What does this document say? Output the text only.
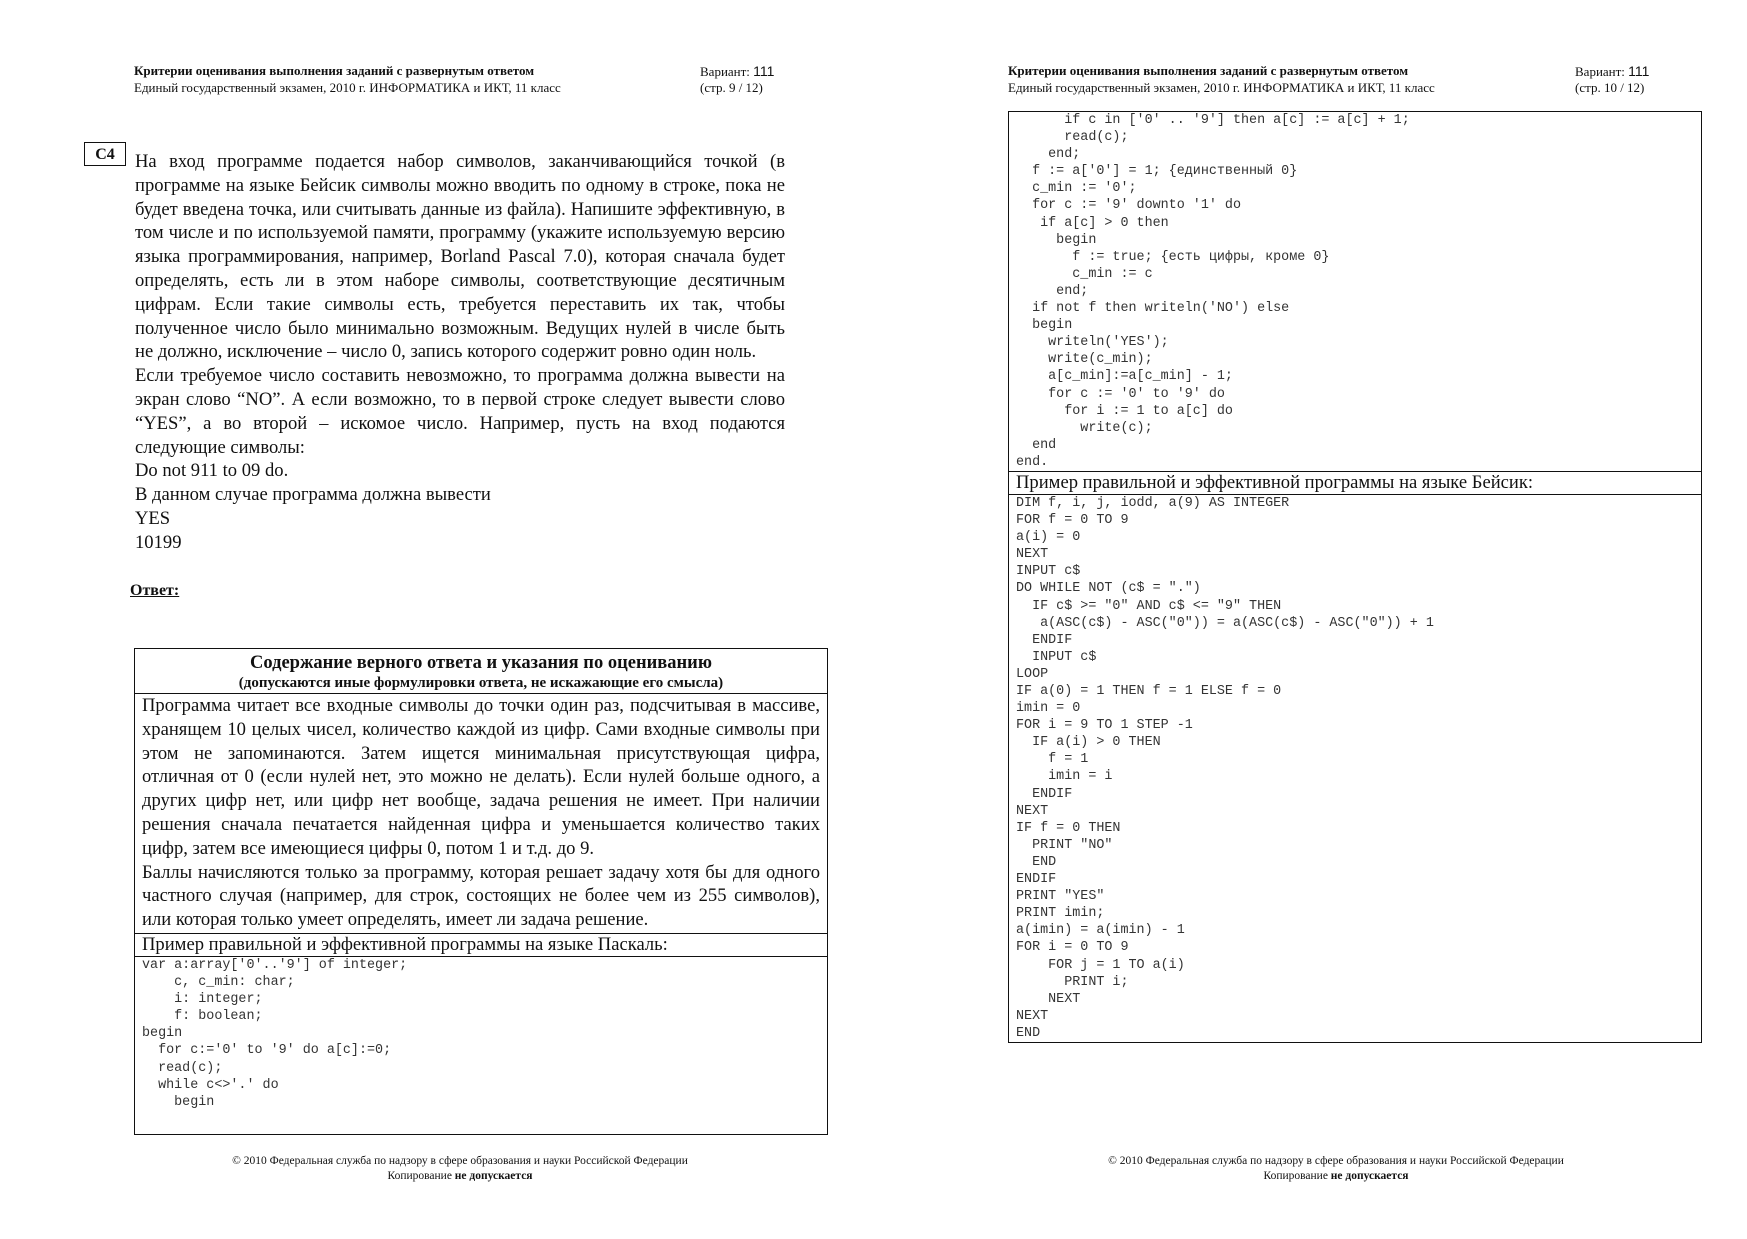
Критерии оценивания выполнения заданий с развернутым ответом
Единый государственный экзамен, 2010 г. ИНФОРМАТИКА и ИКТ, 11 класс
Вариант: 111
(стр. 9 / 12)
C4	На вход программе подается набор символов, заканчивающийся точкой (в программе на языке Бейсик символы можно вводить по одному в строке, пока не будет введена точка, или считывать данные из файла). Напишите эффективную, в том числе и по используемой памяти, программу (укажите используемую версию языка программирования, например, Borland Pascal 7.0), которая сначала будет определять, есть ли в этом наборе символы, соответствующие десятичным цифрам. Если такие символы есть, требуется переставить их так, чтобы полученное число было минимально возможным. Ведущих нулей в числе быть не должно, исключение – число 0, запись которого содержит ровно один ноль.

Если требуемое число составить невозможно, то программа должна вывести на экран слово “NO”. А если возможно, то в первой строке следует вывести слово “YES”, а во второй – искомое число. Например, пусть на вход подаются следующие символы:

Do not 911 to 09 do.

В данном случае программа должна вывести

YES

10199

Ответ:
Содержание верного ответа и указания по оцениванию
(допускаются иные формулировки ответа, не искажающие его смысла)

Программа читает все входные символы до точки один раз, подсчитывая в массиве, хранящем 10 целых чисел, количество каждой из цифр. Сами входные символы при этом не запоминаются. Затем ищется минимальная присутствующая цифра, отличная от 0 (если нулей нет, это можно не делать). Если нулей больше одного, а других цифр нет, или цифр нет вообще, задача решения не имеет. При наличии решения сначала печатается найденная цифра и уменьшается количество таких цифр, затем все имеющиеся цифры 0, потом 1 и т.д. до 9.

Баллы начисляются только за программу, которая решает задачу хотя бы для одного частного случая (например, для строк, состоящих не более чем из 255 символов), или которая только умеет определять, имеет ли задача решение.

Пример правильной и эффективной программы на языке Паскаль:
var a:array['0'..'9'] of integer;
c, c_min: char;
i: integer;
f: boolean;
begin
for c:='0' to '9' do a[c]:=0;
read(c);
while c<>'.' do
begin
© 2010 Федеральная служба по надзору в сфере образования и науки Российской Федерации
Копирование не допускается
Критерии оценивания выполнения заданий с развернутым ответом
Единый государственный экзамен, 2010 г. ИНФОРМАТИКА и ИКТ, 11 класс
Вариант: 111
(стр. 10 / 12)
if c in ['0' .. '9'] then a[c] := a[c] + 1;
read(c);
end;
f := a['0'] = 1; {единственный 0}
c_min := '0';
for c := '9' downto '1' do
if a[c] > 0 then
begin
f := true; {есть цифры, кроме 0}
c_min := c
end;
if not f then writeln('NO') else
begin
writeln('YES');
write(c_min);
a[c_min]:=a[c_min] - 1;
for c := '0' to '9' do
for i := 1 to a[c] do
write(c);
end
end.
Пример правильной и эффективной программы на языке Бейсик:
DIM f, i, j, iodd, a(9) AS INTEGER
FOR f = 0 TO 9
a(i) = 0
NEXT
INPUT c$
DO WHILE NOT (c$ = ".")
IF c$ >= "0" AND c$ <= "9" THEN
a(ASC(c$) - ASC("0")) = a(ASC(c$) - ASC("0")) + 1
ENDIF
INPUT c$
LOOP
IF a(0) = 1 THEN f = 1 ELSE f = 0
imin = 0
FOR i = 9 TO 1 STEP -1
IF a(i) > 0 THEN
f = 1
imin = i
ENDIF
NEXT
IF f = 0 THEN
PRINT "NO"
END
ENDIF
PRINT "YES"
PRINT imin;
a(imin) = a(imin) - 1
FOR i = 0 TO 9
FOR j = 1 TO a(i)
PRINT i;
NEXT
NEXT
END
© 2010 Федеральная служба по надзору в сфере образования и науки Российской Федерации
Копирование не допускается
